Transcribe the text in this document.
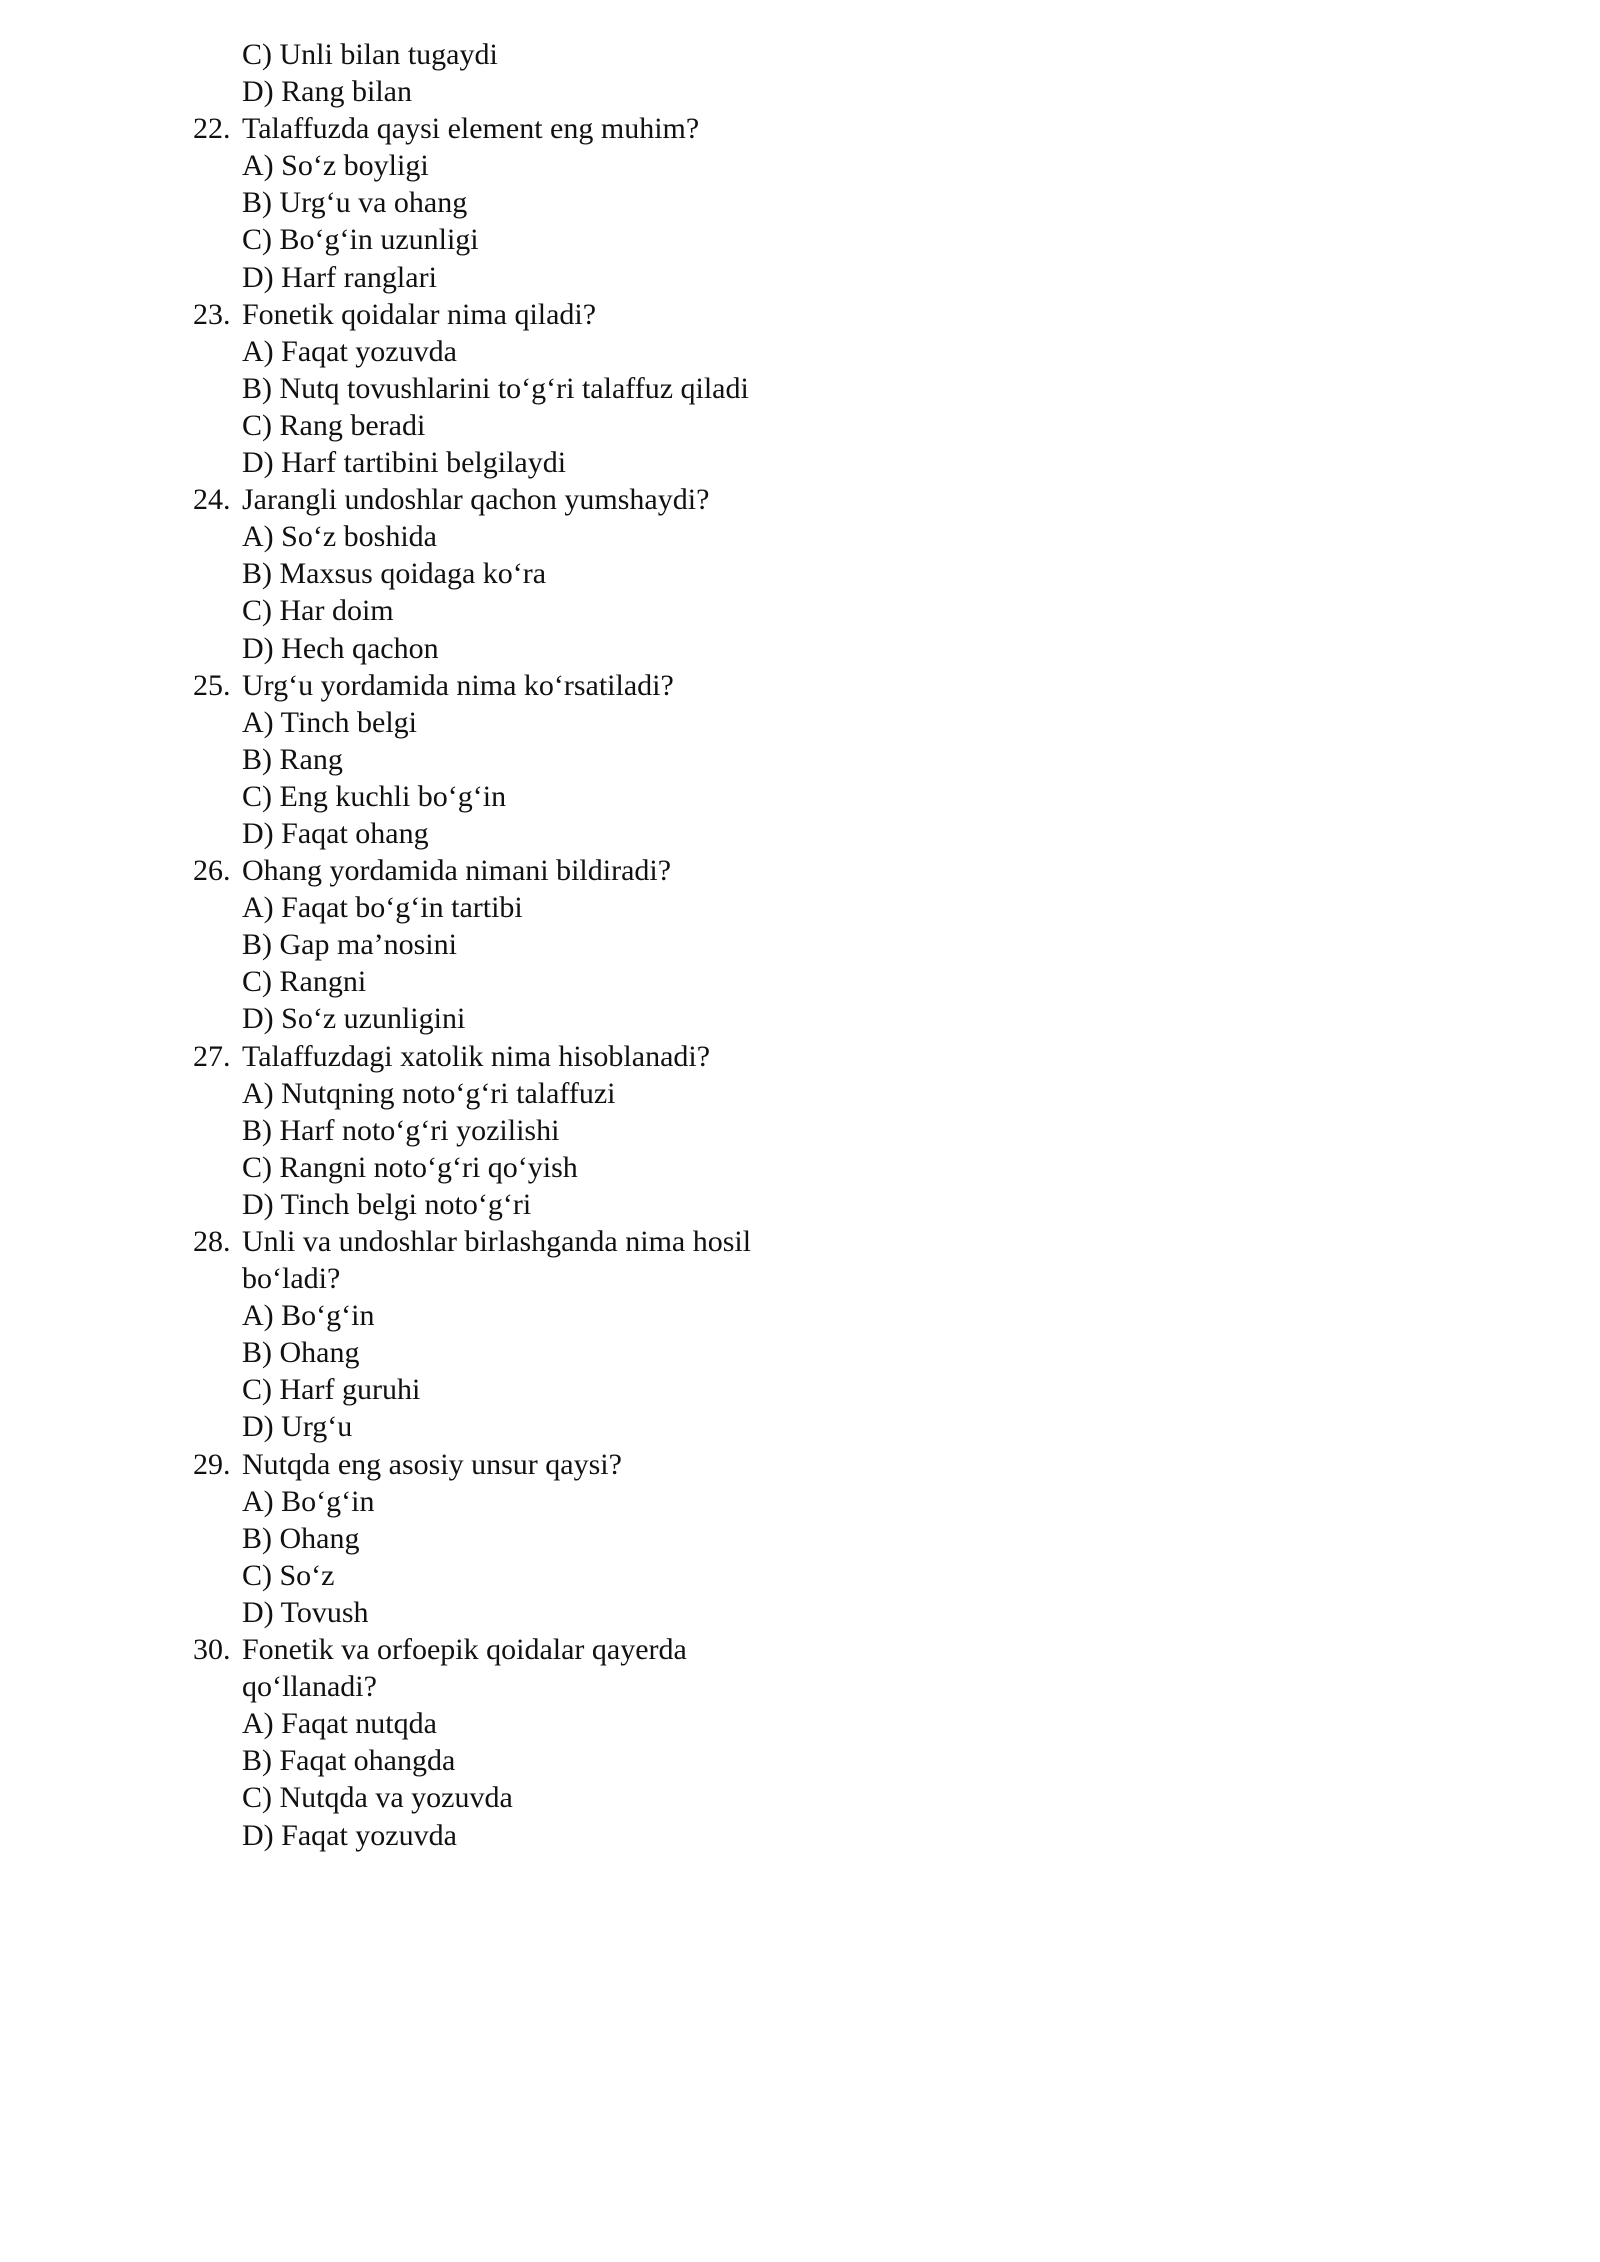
C) Unli bilan tugaydi
D) Rang bilan
22. Talaffuzda qaysi element eng muhim?
A) So‘z boyligi
B) Urg‘u va ohang
C) Bo‘g‘in uzunligi
D) Harf ranglari
23. Fonetik qoidalar nima qiladi?
A) Faqat yozuvda
B) Nutq tovushlarini to‘g‘ri talaffuz qiladi
C) Rang beradi
D) Harf tartibini belgilaydi
24. Jarangli undoshlar qachon yumshaydi?
A) So‘z boshida
B) Maxsus qoidaga ko‘ra
C) Har doim
D) Hech qachon
25. Urg‘u yordamida nima ko‘rsatiladi?
A) Tinch belgi
B) Rang
C) Eng kuchli bo‘g‘in
D) Faqat ohang
26. Ohang yordamida nimani bildiradi?
A) Faqat bo‘g‘in tartibi
B) Gap ma’nosini
C) Rangni
D) So‘z uzunligini
27. Talaffuzdagi xatolik nima hisoblanadi?
A) Nutqning noto‘g‘ri talaffuzi
B) Harf noto‘g‘ri yozilishi
C) Rangni noto‘g‘ri qo‘yish
D) Tinch belgi noto‘g‘ri
28. Unli va undoshlar birlashganda nima hosil bo‘ladi?
A) Bo‘g‘in
B) Ohang
C) Harf guruhi
D) Urg‘u
29. Nutqda eng asosiy unsur qaysi?
A) Bo‘g‘in
B) Ohang
C) So‘z
D) Tovush
30. Fonetik va orfoepik qoidalar qayerda qo‘llanadi?
A) Faqat nutqda
B) Faqat ohangda
C) Nutqda va yozuvda
D) Faqat yozuvda
